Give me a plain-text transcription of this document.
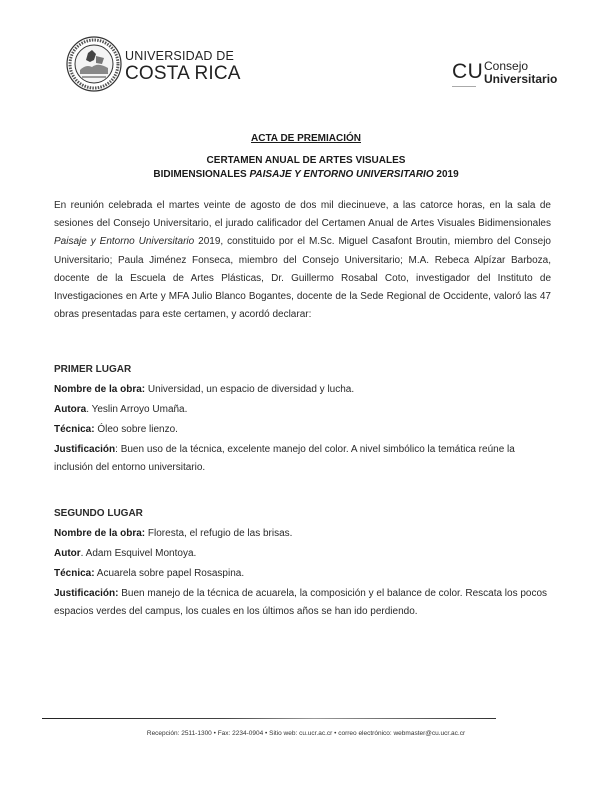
UNIVERSIDAD DE
COSTA RICA	CU Consejo
Universitario
ACTA DE PREMIACIÓN
CERTAMEN ANUAL DE ARTES VISUALES
BIDIMENSIONALES PAISAJE Y ENTORNO UNIVERSITARIO 2019
En reunión celebrada el martes veinte de agosto de dos mil diecinueve, a las catorce horas, en la sala de sesiones del Consejo Universitario, el jurado calificador del Certamen Anual de Artes Visuales Bidimensionales Paisaje y Entorno Universitario 2019, constituido por el M.Sc. Miguel Casafont Broutin, miembro del Consejo Universitario; Paula Jiménez Fonseca, miembro del Consejo Universitario; M.A. Rebeca Alpízar Barboza, docente de la Escuela de Artes Plásticas, Dr. Guillermo Rosabal Coto, investigador del Instituto de Investigaciones en Arte y MFA Julio Blanco Bogantes, docente de la Sede Regional de Occidente, valoró las 47 obras presentadas para este certamen, y acordó declarar:
PRIMER LUGAR
Nombre de la obra: Universidad, un espacio de diversidad y lucha.
Autora. Yeslin Arroyo Umaña.
Técnica: Óleo sobre lienzo.
Justificación: Buen uso de la técnica, excelente manejo del color. A nivel simbólico la temática reúne la inclusión del entorno universitario.
SEGUNDO LUGAR
Nombre de la obra: Floresta, el refugio de las brisas.
Autor. Adam Esquivel Montoya.
Técnica: Acuarela sobre papel Rosaspina.
Justificación: Buen manejo de la técnica de acuarela, la composición y el balance de color. Rescata los pocos espacios verdes del campus, los cuales en los últimos años se han ido perdiendo.
Recepción: 2511-1300 • Fax: 2234-0904 • Sitio web: cu.ucr.ac.cr • correo electrónico: webmaster@cu.ucr.ac.cr
